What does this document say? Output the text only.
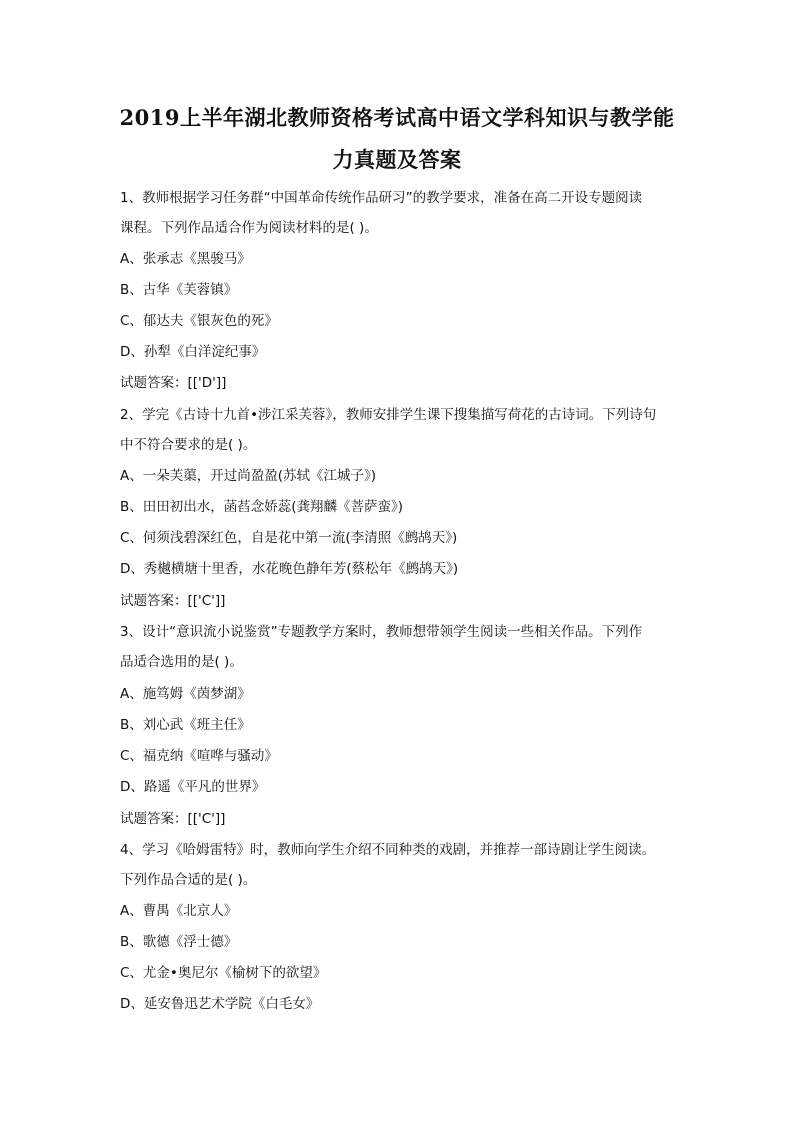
2019上半年湖北教师资格考试高中语文学科知识与教学能
力真题及答案
1、教师根据学习任务群“中国革命传统作品研习”的教学要求，准备在高二开设专题阅读
课程。下列作品适合作为阅读材料的是( )。
A、张承志《黑骏马》
B、古华《芙蓉镇》
C、郁达夫《银灰色的死》
D、孙犁《白洋淀纪事》
试题答案：[['D']]
2、学完《古诗十九首•涉江采芙蓉》，教师安排学生课下搜集描写荷花的古诗词。下列诗句
中不符合要求的是( )。
A、一朵芙蕖，开过尚盈盈(苏轼《江城子》)
B、田田初出水，菡萏念娇蕊(龚翔麟《菩萨蛮》)
C、何须浅碧深红色，自是花中第一流(李清照《鹧鸪天》)
D、秀樾横塘十里香，水花晚色静年芳(蔡松年《鹧鸪天》)
试题答案：[['C']]
3、设计“意识流小说鉴赏”专题教学方案时，教师想带领学生阅读一些相关作品。下列作
品适合选用的是( )。
A、施笃姆《茵梦湖》
B、刘心武《班主任》
C、福克纳《喧哗与骚动》
D、路遥《平凡的世界》
试题答案：[['C']]
4、学习《哈姆雷特》时，教师向学生介绍不同种类的戏剧，并推荐一部诗剧让学生阅读。
下列作品合适的是( )。
A、曹禺《北京人》
B、歌德《浮士德》
C、尤金•奥尼尔《榆树下的欲望》
D、延安鲁迅艺术学院《白毛女》
